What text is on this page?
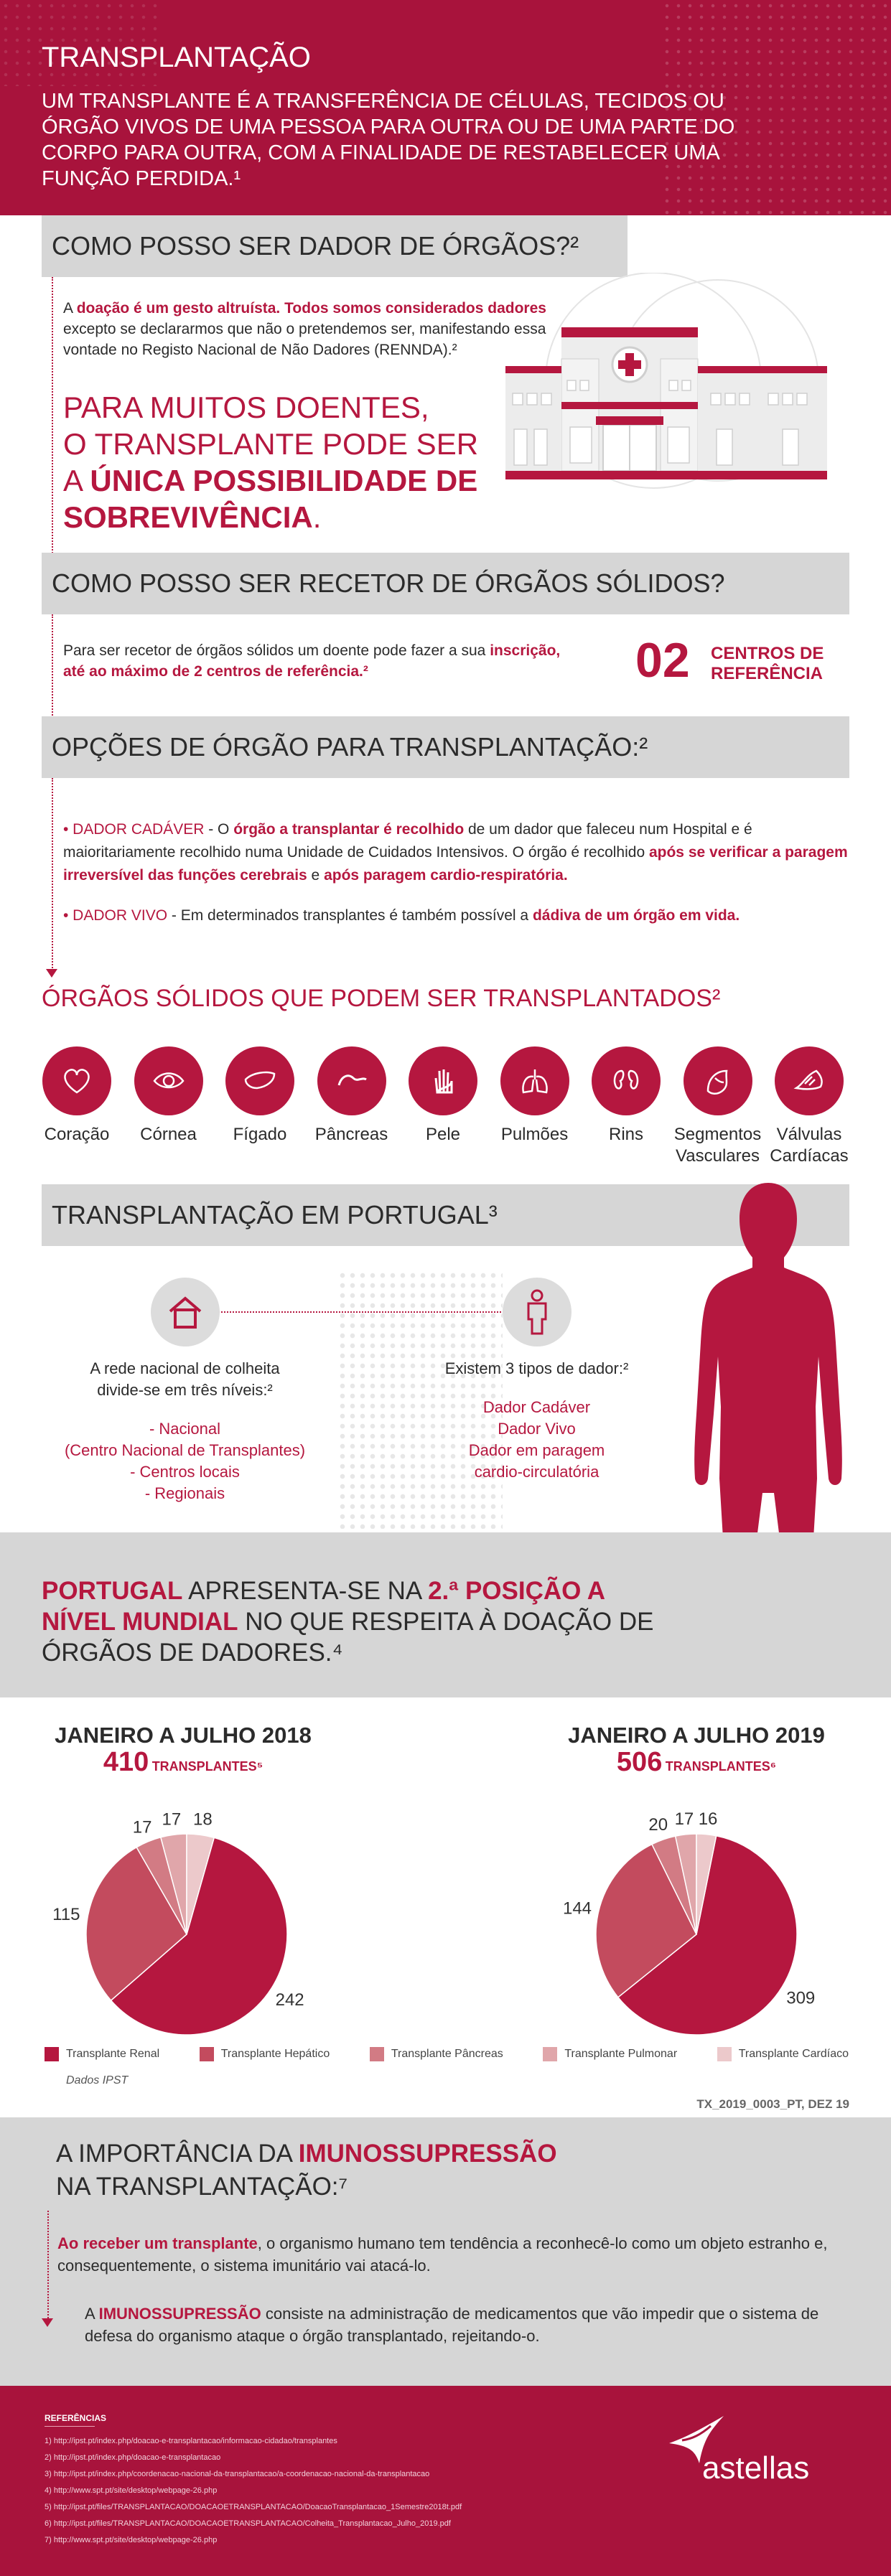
TRANSPLANTAÇÃO
UM TRANSPLANTE É A TRANSFERÊNCIA DE CÉLULAS, TECIDOS OU ÓRGÃO VIVOS DE UMA PESSOA PARA OUTRA OU DE UMA PARTE DO CORPO PARA OUTRA, COM A FINALIDADE DE RESTABELECER UMA FUNÇÃO PERDIDA.¹
COMO POSSO SER DADOR DE ÓRGÃOS?²
A doação é um gesto altruísta. Todos somos considerados dadores excepto se declararmos que não o pretendemos ser, manifestando essa vontade no Registo Nacional de Não Dadores (RENNDA).²
PARA MUITOS DOENTES,
O TRANSPLANTE PODE SER
A ÚNICA POSSIBILIDADE DE
SOBREVIVÊNCIA.
COMO POSSO SER RECETOR DE ÓRGÃOS SÓLIDOS?
Para ser recetor de órgãos sólidos um doente pode fazer a sua inscrição, até ao máximo de 2 centros de referência.²	02 CENTROS DE
REFERÊNCIA
OPÇÕES DE ÓRGÃO PARA TRANSPLANTAÇÃO:²
• DADOR CADÁVER - O órgão a transplantar é recolhido de um dador que faleceu num Hospital e é maioritariamente recolhido numa Unidade de Cuidados Intensivos. O órgão é recolhido após se verificar a paragem irreversível das funções cerebrais e após paragem cardio-respiratória.
• DADOR VIVO - Em determinados transplantes é também possível a dádiva de um órgão em vida.
ÓRGÃOS SÓLIDOS QUE PODEM SER TRANSPLANTADOS²
Coração	Córnea	Fígado	Pâncreas	Pele	Pulmões	Rins	Segmentos Vasculares
Válvulas Cardíacas
TRANSPLANTAÇÃO EM PORTUGAL³
A rede nacional de colheita
divide-se em três níveis:²
- Nacional
(Centro Nacional de Transplantes)
- Centros locais
- Regionais
Existem 3 tipos de dador:²
Dador Cadáver
Dador Vivo
Dador em paragem
cardio-circulatória
PORTUGAL APRESENTA-SE NA 2.ª POSIÇÃO A
NÍVEL MUNDIAL NO QUE RESPEITA À DOAÇÃO DE
ÓRGÃOS DE DADORES.⁴
JANEIRO A JULHO 2018
410 TRANSPLANTES⁵
JANEIRO A JULHO 2019
506 TRANSPLANTES⁶
242
115
17 17 18
309
144
20 17 16
Transplante Renal	Transplante Hepático	Transplante Pâncreas	Transplante Pulmonar	Transplante Cardíaco
Dados IPST
TX_2019_0003_PT, DEZ 19
A IMPORTÂNCIA DA IMUNOSSUPRESSÃO
NA TRANSPLANTAÇÃO:⁷
Ao receber um transplante, o organismo humano tem tendência a reconhecê-lo como um objeto estranho e, consequentemente, o sistema imunitário vai atacá-lo.
A IMUNOSSUPRESSÃO consiste na administração de medicamentos que vão impedir que o sistema de defesa do organismo ataque o órgão transplantado, rejeitando-o.
REFERÊNCIAS
1) http://ipst.pt/index.php/doacao-e-transplantacao/informacao-cidadao/transplantes
2) http://ipst.pt/index.php/doacao-e-transplantacao
3) http://ipst.pt/index.php/coordenacao-nacional-da-transplantacao/a-coordenacao-nacional-da-transplantacao
4) http://www.spt.pt/site/desktop/webpage-26.php
5) http://ipst.pt/files/TRANSPLANTACAO/DOACAOETRANSPLANTACAO/DoacaoTransplantacao_1Semestre2018t.pdf
6) http://ipst.pt/files/TRANSPLANTACAO/DOACAOETRANSPLANTACAO/Colheita_Transplantacao_Julho_2019.pdf
7) http://www.spt.pt/site/desktop/webpage-26.php
astellas
